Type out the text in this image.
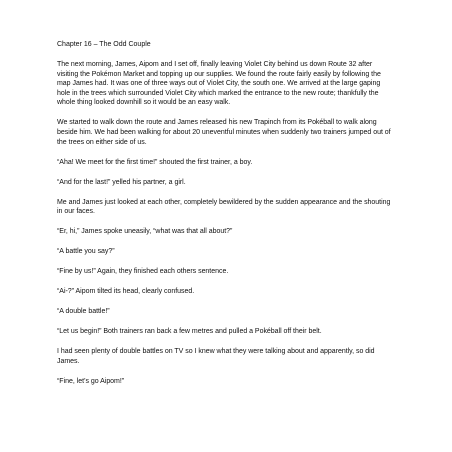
Chapter 16 – The Odd Couple

The next morning, James, Aipom and I set off, finally leaving Violet City behind us down Route 32 after visiting the Pokémon Market and topping up our supplies. We found the route fairly easily by following the map James had. It was one of three ways out of Violet City, the south one. We arrived at the large gaping hole in the trees which surrounded Violet City which marked the entrance to the new route; thankfully the whole thing looked downhill so it would be an easy walk.

We started to walk down the route and James released his new Trapinch from its Pokéball to walk along beside him. We had been walking for about 20 uneventful minutes when suddenly two trainers jumped out of the trees on either side of us.

“Aha! We meet for the first time!” shouted the first trainer, a boy.

“And for the last!” yelled his partner, a girl.

Me and James just looked at each other, completely bewildered by the sudden appearance and the shouting in our faces.

“Er, hi,” James spoke uneasily, “what was that all about?”

“A battle you say?”

“Fine by us!” Again, they finished each others sentence.

“Ai-?” Aipom tilted its head, clearly confused.

“A double battle!”

“Let us begin!” Both trainers ran back a few metres and pulled a Pokéball off their belt.

I had seen plenty of double battles on TV so I knew what they were talking about and apparently, so did James.

“Fine, let’s go Aipom!”
